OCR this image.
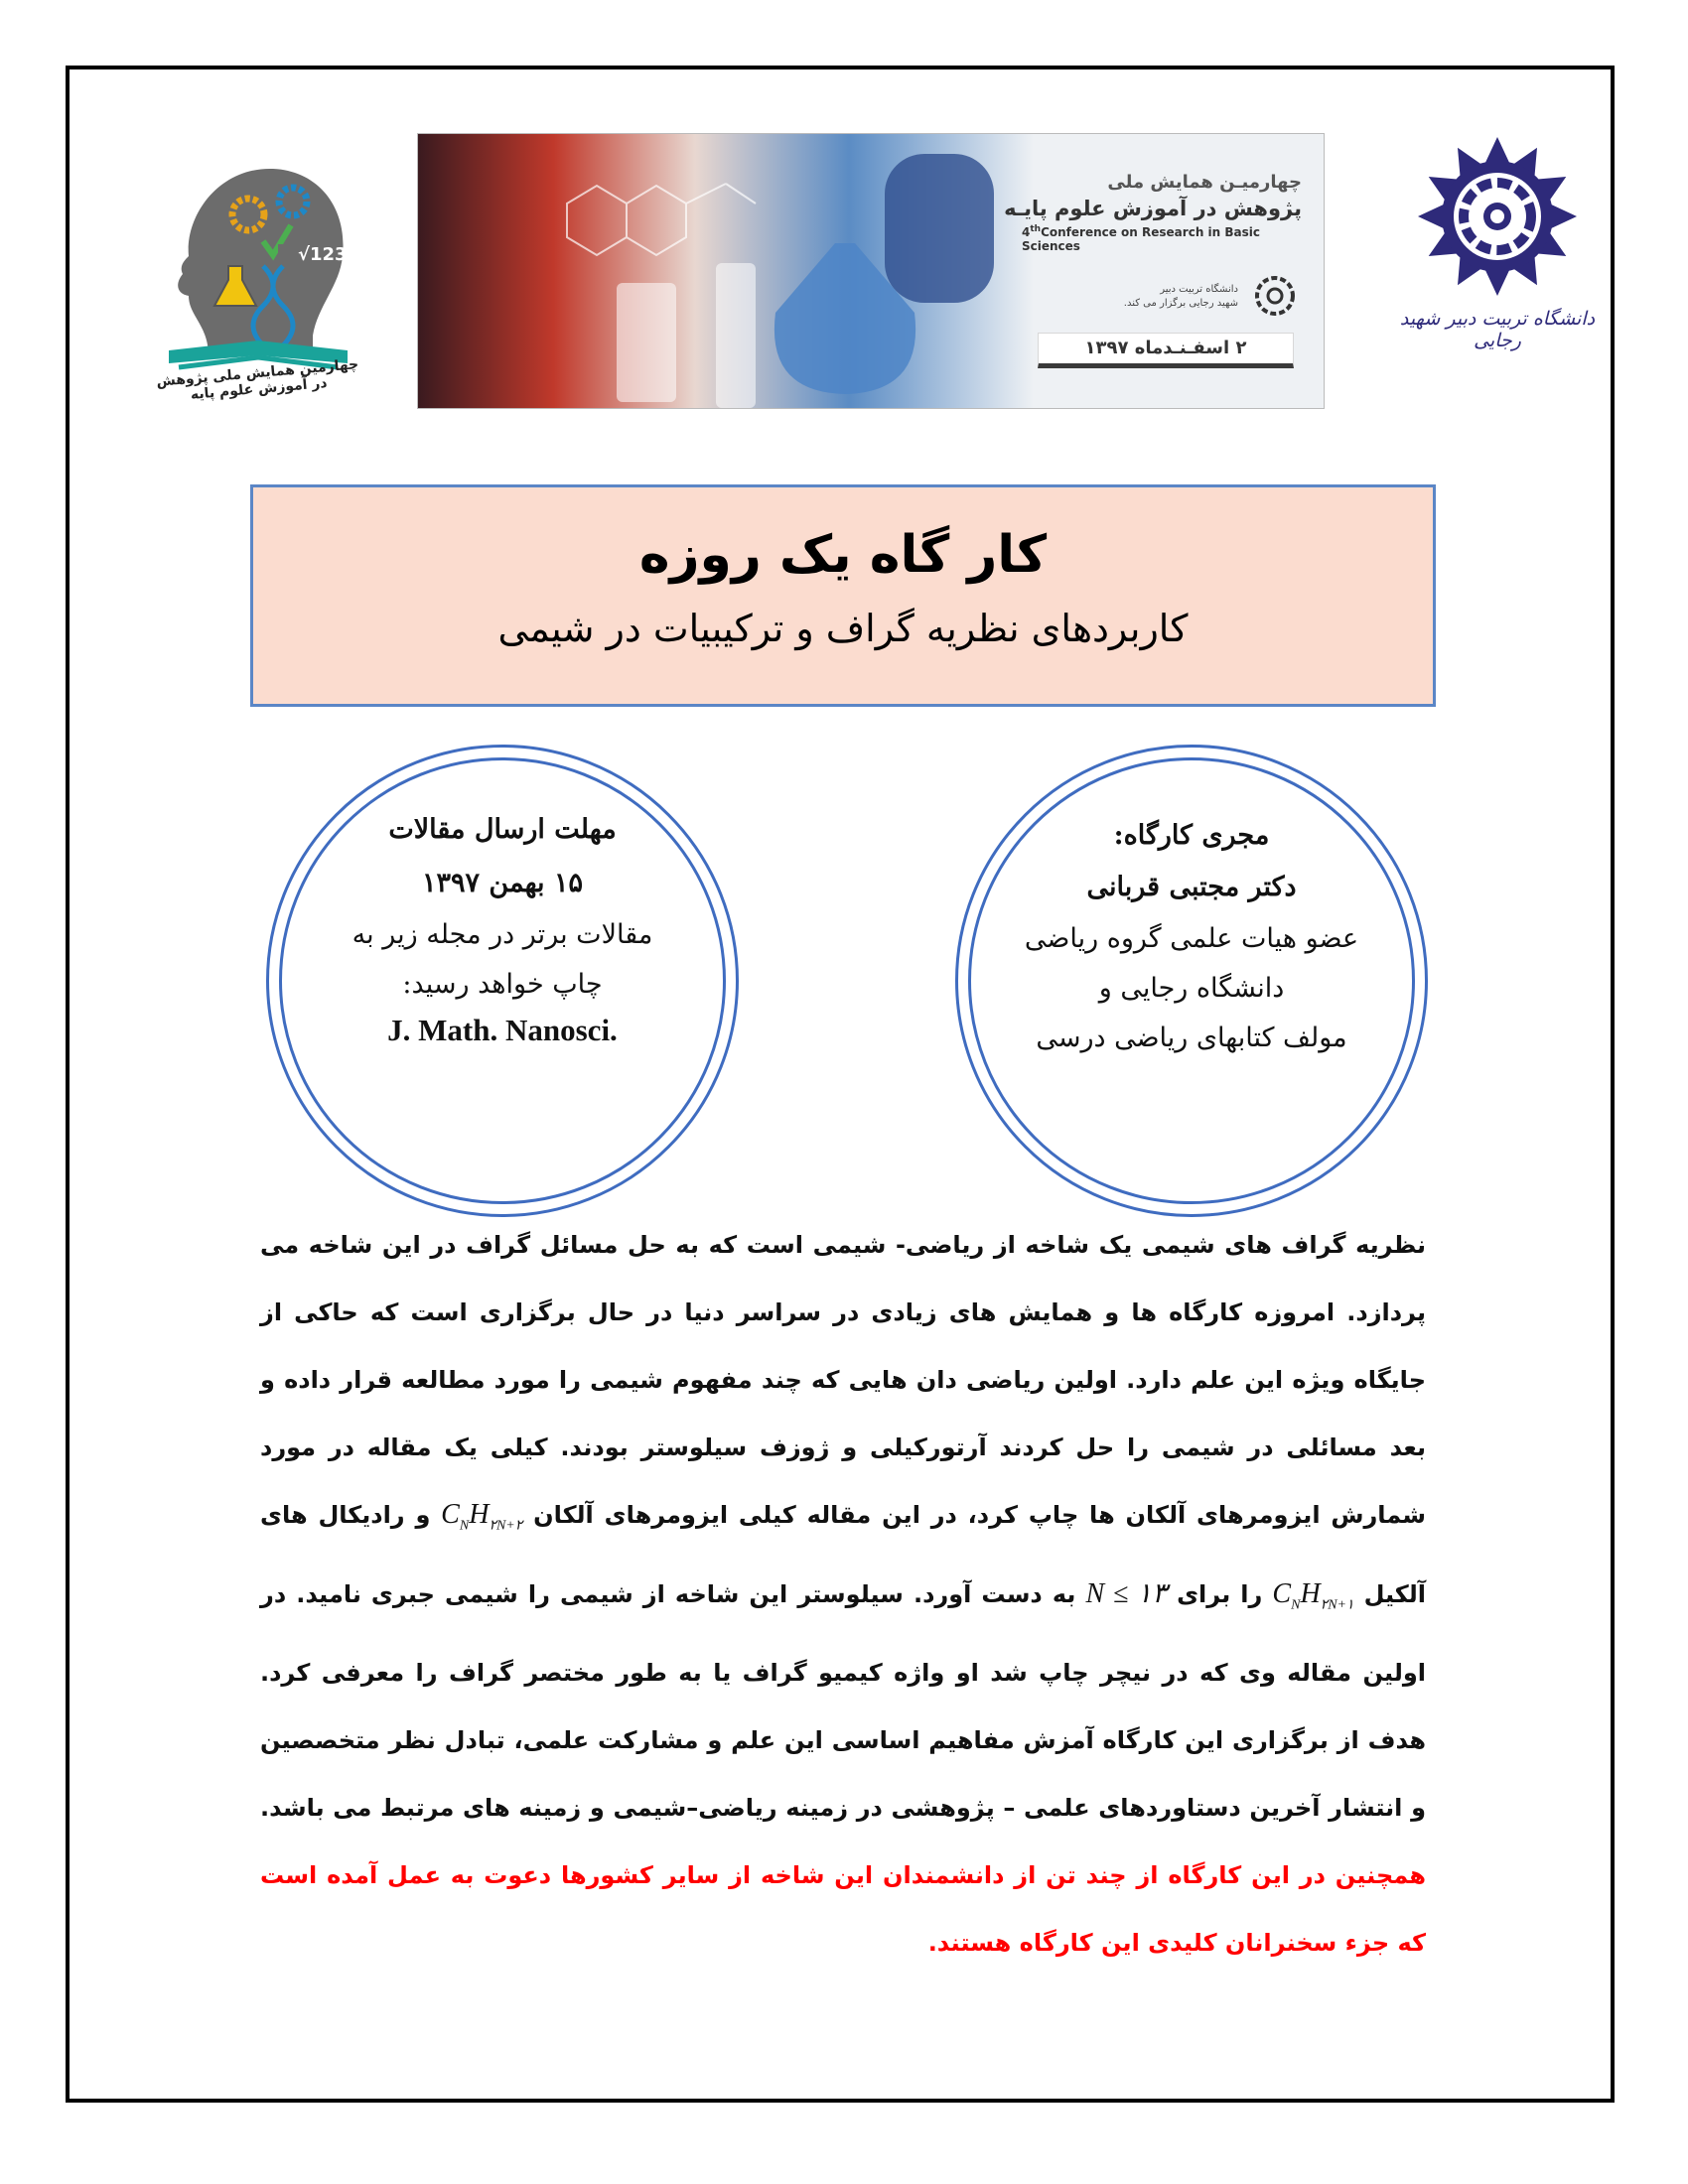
√123
چهارمین همایش ملی پژوهش در آموزش علوم پایه
چهارمیـن همایش ملی
پژوهش در آموزش علوم پایـه
4thConference on Research in Basic Sciences
دانشگاه تربیت دبیر
شهید رجایی برگزار می کند.
۲ اسفـنـدماه ۱۳۹۷
دانشگاه تربیت دبیر شهید رجایی
کار گاه یک روزه
کاربردهای نظریه گراف و ترکیبیات در شیمی
مهلت ارسال مقالات
۱۵ بهمن ۱۳۹۷
مقالات برتر در مجله زیر به
چاپ خواهد رسید:
J. Math. Nanosci.
مجری کارگاه:
دکتر مجتبی قربانی
عضو هیات علمی گروه ریاضی
دانشگاه رجایی و
مولف کتابهای ریاضی درسی
نظریه گراف های شیمی یک شاخه از ریاضی- شیمی است که به حل مسائل گراف در این شاخه می پردازد. امروزه کارگاه ها و همایش های زیادی در سراسر دنیا در حال برگزاری است که حاکی از جایگاه ویژه این علم دارد. اولین ریاضی دان هایی که چند مفهوم شیمی را مورد مطالعه قرار داده و بعد مسائلی در شیمی را حل کردند آرتورکیلی و ژوزف سیلوستر بودند. کیلی یک مقاله در مورد شمارش ایزومرهای آلکان ها چاپ کرد، در این مقاله کیلی ایزومرهای آلکان $C_NH_{۲N+۲}$ و رادیکال های آلکیل $C_NH_{۲N+۱}$ را برای N ≤ ۱۳ به دست آورد. سیلوستر این شاخه از شیمی را شیمی جبری نامید. در اولین مقاله وی که در نیچر چاپ شد او واژه کیمیو گراف یا به طور مختصر گراف را معرفی کرد. هدف از برگزاری این کارگاه آمزش مفاهیم اساسی این علم و مشارکت علمی، تبادل نظر متخصصین و انتشار آخرین دستاوردهای علمی – پژوهشی در زمینه ریاضی–شیمی و زمینه های مرتبط می باشد. همچنین در این کارگاه از چند تن از دانشمندان این شاخه از سایر کشورها دعوت به عمل آمده است که جزء سخنرانان کلیدی این کارگاه هستند.
